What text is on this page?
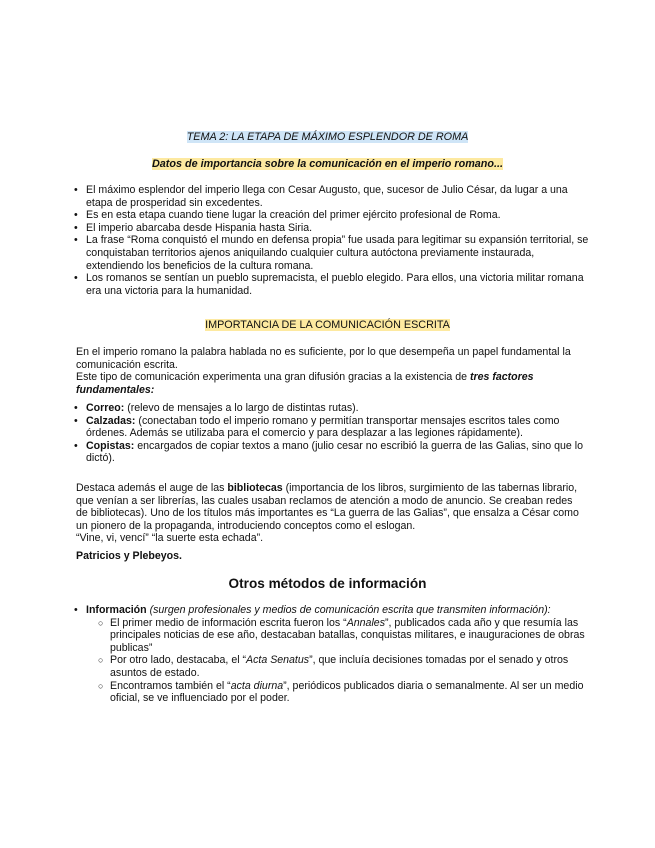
TEMA 2: LA ETAPA DE MÁXIMO ESPLENDOR DE ROMA
Datos de importancia sobre la comunicación en el imperio romano...
• El máximo esplendor del imperio llega con Cesar Augusto, que, sucesor de Julio César, da lugar a una etapa de prosperidad sin excedentes.
• Es en esta etapa cuando tiene lugar la creación del primer ejército profesional de Roma.
• El imperio abarcaba desde Hispania hasta Siria.
• La frase “Roma conquistó el mundo en defensa propia” fue usada para legitimar su expansión territorial, se conquistaban territorios ajenos aniquilando cualquier cultura autóctona previamente instaurada, extendiendo los beneficios de la cultura romana.
• Los romanos se sentían un pueblo supremacista, el pueblo elegido. Para ellos, una victoria militar romana era una victoria para la humanidad.
IMPORTANCIA DE LA COMUNICACIÓN ESCRITA
En el imperio romano la palabra hablada no es suficiente, por lo que desempeña un papel fundamental la comunicación escrita.
Este tipo de comunicación experimenta una gran difusión gracias a la existencia de tres factores fundamentales:
• Correo: (relevo de mensajes a lo largo de distintas rutas).
• Calzadas: (conectaban todo el imperio romano y permitían transportar mensajes escritos tales como órdenes. Además se utilizaba para el comercio y para desplazar a las legiones rápidamente).
• Copistas: encargados de copiar textos a mano (julio cesar no escribió la guerra de las Galias, sino que lo dictó).
Destaca además el auge de las bibliotecas (importancia de los libros, surgimiento de las tabernas librario, que venían a ser librerías, las cuales usaban reclamos de atención a modo de anuncio. Se creaban redes de bibliotecas). Uno de los títulos más importantes es “La guerra de las Galias”, que ensalza a César como un pionero de la propaganda, introduciendo conceptos como el eslogan.
“Vine, vi, vencí” “la suerte esta echada”.
Patricios y Plebeyos.
Otros métodos de información
• Información (surgen profesionales y medios de comunicación escrita que transmiten información):
○ El primer medio de información escrita fueron los “Annales”, publicados cada año y que resumía las principales noticias de ese año, destacaban batallas, conquistas militares, e inauguraciones de obras publicas”
○ Por otro lado, destacaba, el “Acta Senatus”, que incluía decisiones tomadas por el senado y otros asuntos de estado.
○ Encontramos también el “acta diurna”, periódicos publicados diaria o semanalmente. Al ser un medio oficial, se ve influenciado por el poder.
